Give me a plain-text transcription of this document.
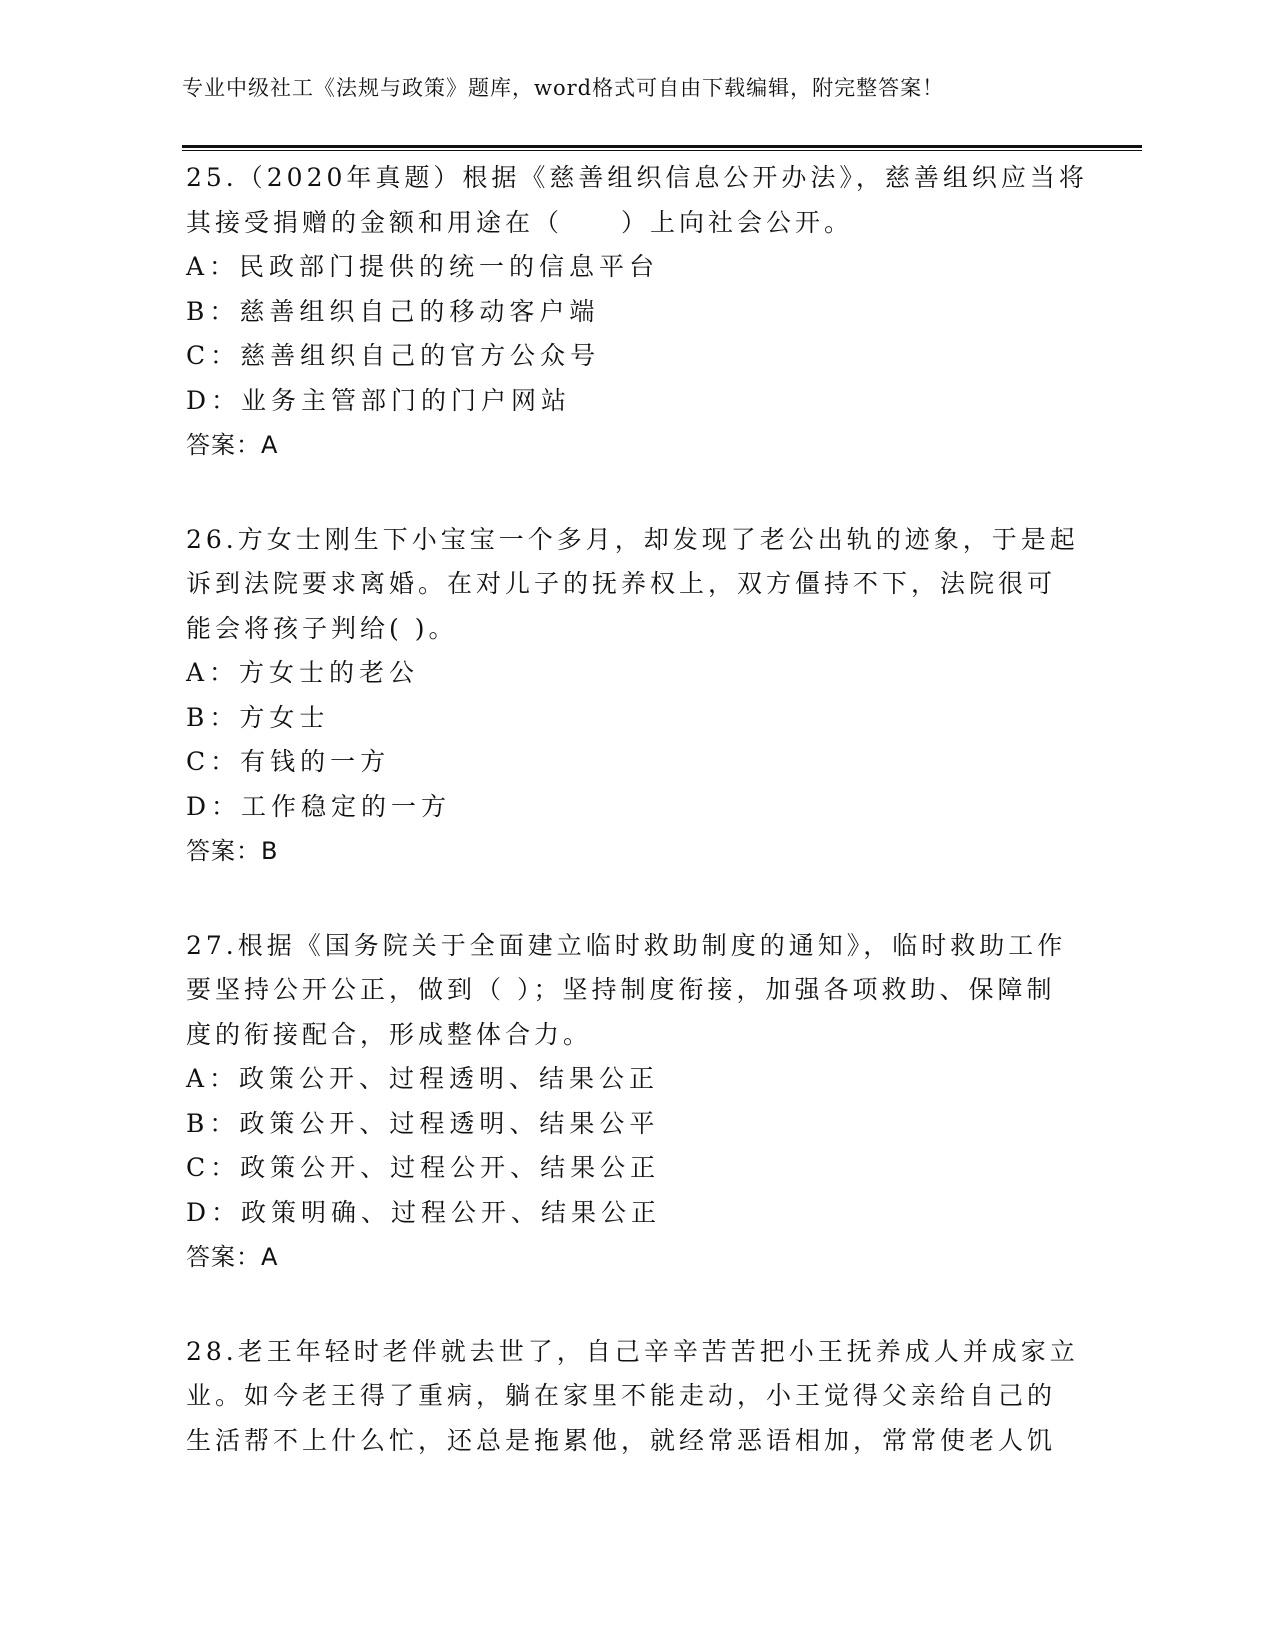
专业中级社工《法规与政策》题库，word格式可自由下载编辑，附完整答案！
25.（2020年真题）根据《慈善组织信息公开办法》，慈善组织应当将
其接受捐赠的金额和用途在（　　）上向社会公开。
A：民政部门提供的统一的信息平台
B：慈善组织自己的移动客户端
C：慈善组织自己的官方公众号
D：业务主管部门的门户网站
答案：A
26.方女士刚生下小宝宝一个多月，却发现了老公出轨的迹象，于是起
诉到法院要求离婚。在对儿子的抚养权上，双方僵持不下，法院很可
能会将孩子判给( )。
A：方女士的老公
B：方女士
C：有钱的一方
D：工作稳定的一方
答案：B
27.根据《国务院关于全面建立临时救助制度的通知》，临时救助工作
要坚持公开公正，做到（ ）；坚持制度衔接，加强各项救助、保障制
度的衔接配合，形成整体合力。
A：政策公开、过程透明、结果公正
B：政策公开、过程透明、结果公平
C：政策公开、过程公开、结果公正
D：政策明确、过程公开、结果公正
答案：A
28.老王年轻时老伴就去世了，自己辛辛苦苦把小王抚养成人并成家立
业。如今老王得了重病，躺在家里不能走动，小王觉得父亲给自己的
生活帮不上什么忙，还总是拖累他，就经常恶语相加，常常使老人饥
